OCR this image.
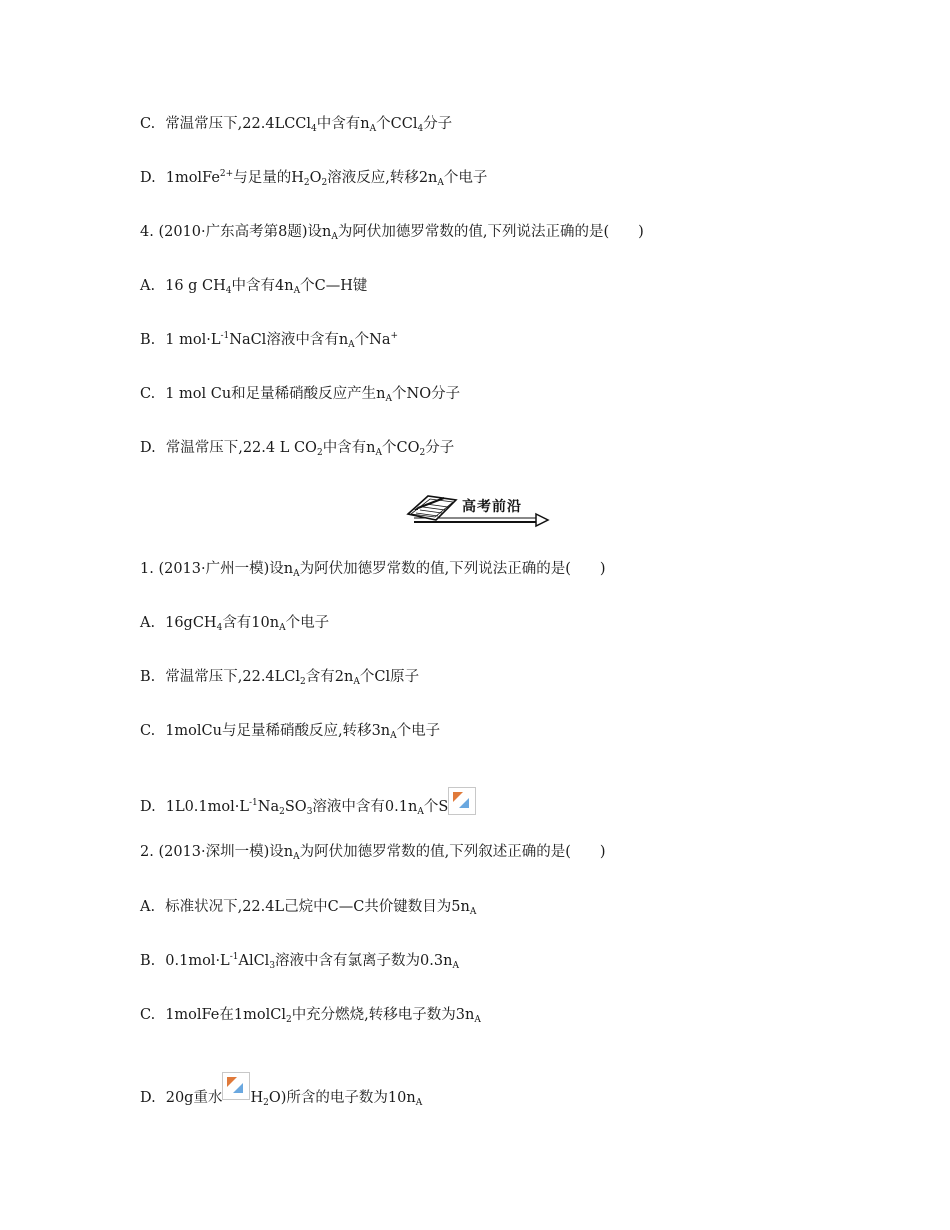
C. 常温常压下,22.4LCCl$_4$中含有$n_A$个CCl$_4$分子
D. 1molFe$^{2+}$与足量的$H_2O_2$溶液反应,转移$2n_A$个电子
4. (2010·广东高考第8题)设$n_A$为阿伏加德罗常数的值,下列说法正确的是(　　)
A. 16 g $CH_4$中含有$4n_A$个C—H键
B. 1 $mol\cdot L^{-1}NaCl$溶液中含有$n_A$个Na+
C. 1 mol Cu和足量稀硝酸反应产生$n_A$个NO分子
D. 常温常压下,22.4 L $CO_2$中含有$n_A$个$CO_2$分子
高考前沿
1. (2013·广州一模)设$n_A$为阿伏加德罗常数的值,下列说法正确的是(　　)
A. 16gCH$_4$含有$10n_A$个电子
B. 常温常压下,22.4LCl$_2$含有$2n_A$个Cl原子
C. 1molCu与足量稀硝酸反应,转移$3n_A$个电子
D. $1L0.1mol\cdot L^{-1}Na_2SO_3$溶液中含有$0.1n_A$个S
2. (2013·深圳一模)设$n_A$为阿伏加德罗常数的值,下列叙述正确的是(　　)
A. 标准状况下,22.4L己烷中C—C共价键数目为$5n_A$
B. $0.1mol\cdot L^{-1}AlCl_3$溶液中含有氯离子数为$0.3n_A$
C. 1molFe在1molCl$_2$中充分燃烧,转移电子数为$3n_A$
D. 20g重水 $H_2O$)所含的电子数为$10n_A$
